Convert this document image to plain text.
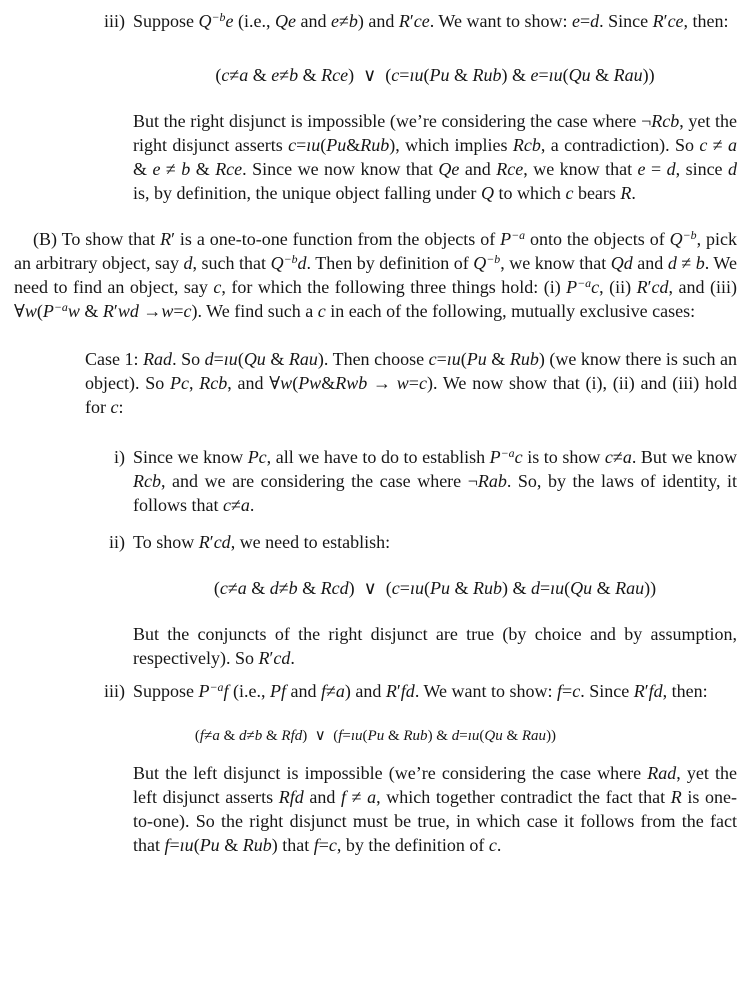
iii) Suppose $Q^{-b}e$ (i.e., Qe and e≠b) and R′ce. We want to show: e=d. Since R′ce, then:
(c≠a & e≠b & Rce) ∨ (c=ıu(Pu & Rub) & e=ıu(Qu & Rau))
But the right disjunct is impossible (we’re considering the case where ¬Rcb, yet the right disjunct asserts c=ıu(Pu&Rub), which implies Rcb, a contradiction). So c ≠ a & e ≠ b & Rce. Since we now know that Qe and Rce, we know that e = d, since d is, by definition, the unique object falling under Q to which c bears R.
(B) To show that R′ is a one-to-one function from the objects of $P^{-a}$ onto the objects of $Q^{-b}$, pick an arbitrary object, say d, such that $Q^{-b}d$. Then by definition of $Q^{-b}$, we know that Qd and d ≠ b. We need to find an object, say c, for which the following three things hold: (i) $P^{-a}c$, (ii) R′cd, and (iii) $\forall w(P^{-a}w$ & R′wd →w=c). We find such a c in each of the following, mutually exclusive cases:
Case 1: Rad. So d=ıu(Qu & Rau). Then choose c=ıu(Pu & Rub) (we know there is such an object). So Pc, Rcb, and ∀w(Pw&Rwb → w=c). We now show that (i), (ii) and (iii) hold for c:
i) Since we know Pc, all we have to do to establish $P^{-a}c$ is to show c≠a. But we know Rcb, and we are considering the case where ¬Rab. So, by the laws of identity, it follows that c≠a.
ii) To show R′cd, we need to establish:
(c≠a & d≠b & Rcd) ∨ (c=ıu(Pu & Rub) & d=ıu(Qu & Rau))
But the conjuncts of the right disjunct are true (by choice and by assumption, respectively). So R′cd.
iii) Suppose $P^{-a}f$ (i.e., Pf and f≠a) and R′fd. We want to show: f=c. Since R′fd, then:
(f≠a & d≠b & Rfd) ∨ (f=ıu(Pu & Rub) & d=ıu(Qu & Rau))
But the left disjunct is impossible (we’re considering the case where Rad, yet the left disjunct asserts Rfd and f ≠ a, which together contradict the fact that R is one-to-one). So the right disjunct must be true, in which case it follows from the fact that f=ıu(Pu & Rub) that f=c, by the definition of c.
